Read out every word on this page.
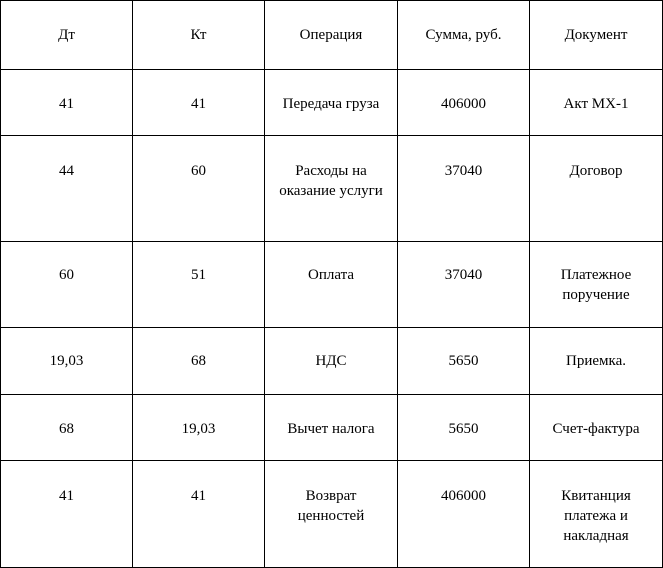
Дт	Кт	Операция	Сумма, руб.	Документ
41	41	Передача груза	406000	Акт МХ-1
44	60	Расходы на оказание услуги	37040	Договор
60	51	Оплата	37040	Платежное поручение
19,03	68	НДС	5650	Приемка.
68	19,03	Вычет налога	5650	Счет-фактура
41	41	Возврат ценностей	406000	Квитанция платежа и накладная
